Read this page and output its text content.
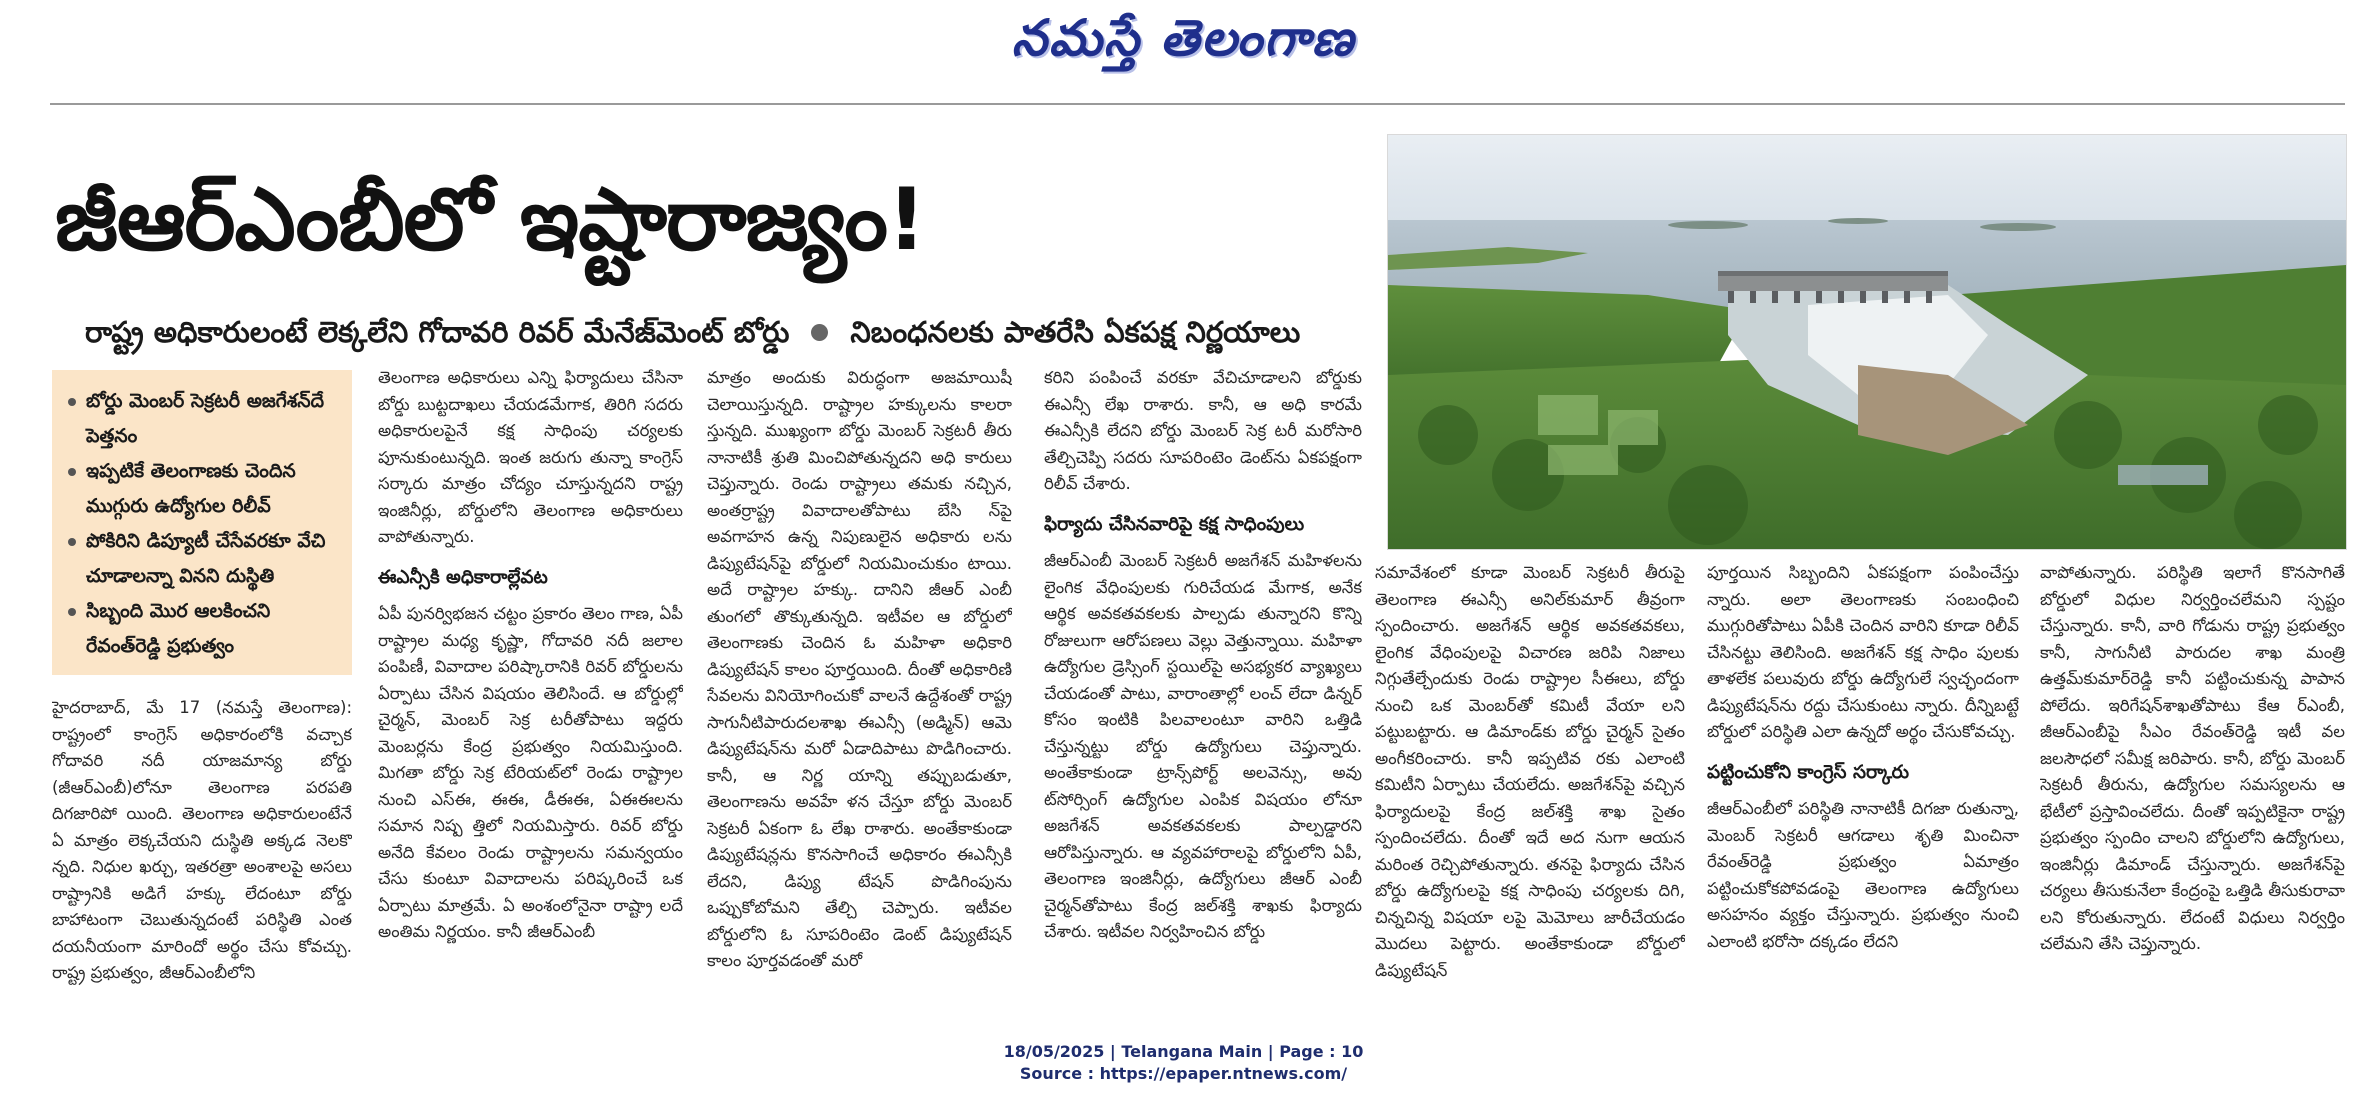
నమస్తే తెలంగాణ
జీఆర్‌ఎంబీలో ఇష్టారాజ్యం!
రాష్ట్ర అధికారులంటే లెక్కలేని గోదావరి రివర్ మేనేజ్‌మెంట్ బోర్డు నిబంధనలకు పాతరేసి ఏకపక్ష నిర్ణయాలు
బోర్డు మెంబర్ సెక్రటరీ అజగేశన్‌దే పెత్తనం
ఇప్పటికే తెలంగాణకు చెందిన ముగ్గురు ఉద్యోగుల రిలీవ్
పోకిరిని డిప్యూటీ చేసేవరకూ వేచి చూడాలన్నా వినని దుస్థితి
సిబ్బంది మొర ఆలకించని రేవంత్‌రెడ్డి ప్రభుత్వం

హైదరాబాద్, మే 17 (నమస్తే తెలంగాణ): రాష్ట్రంలో కాంగ్రెస్ అధికారంలోకి వచ్చాక గోదావరి నదీ యాజమాన్య బోర్డు (జీఆర్‌ఎంబీ)లోనూ తెలంగాణ పరపతి దిగజారిపో యింది. తెలంగాణ అధికారులంటేనే ఏ మాత్రం లెక్కచేయని దుస్థితి అక్కడ నెలకొ న్నది. నిధుల ఖర్చు, ఇతరత్రా అంశాలపై అసలు రాష్ట్రానికి అడిగే హక్కు లేదంటూ బోర్డు బాహాటంగా చెబుతున్నదంటే పరిస్థితి ఎంత దయనీయంగా మారిందో అర్థం చేసు కోవచ్చు. రాష్ట్ర ప్రభుత్వం, జీఆర్‌ఎంబీలోని

తెలంగాణ అధికారులు ఎన్ని ఫిర్యాదులు చేసినా బోర్డు బుట్టదాఖలు చేయడమేగాక, తిరిగి సదరు అధికారులపైనే కక్ష సాధింపు చర్యలకు పూనుకుంటున్నది. ఇంత జరుగు తున్నా కాంగ్రెస్ సర్కారు మాత్రం చోద్యం చూస్తున్నదని రాష్ట్ర ఇంజినీర్లు, బోర్డులోని తెలంగాణ అధికారులు వాపోతున్నారు.

ఈఎన్సీకి అధికారాల్లేవట

ఏపీ పునర్విభజన చట్టం ప్రకారం తెలం గాణ, ఏపీ రాష్ట్రాల మధ్య కృష్ణా, గోదావరి నదీ జలాల పంపిణీ, వివాదాల పరిష్కారానికి రివర్ బోర్డులను ఏర్పాటు చేసిన విషయం తెలిసిందే. ఆ బోర్డుల్లో చైర్మన్, మెంబర్ సెక్ర టరీతోపాటు ఇద్దరు మెంబర్లను కేంద్ర ప్రభుత్వం నియమిస్తుంది. మిగతా బోర్డు సెక్ర టేరియట్‌లో రెండు రాష్ట్రాల నుంచి ఎస్‌ఈ, ఈఈ, డీఈఈ, ఏఈఈలను సమాన నిష్ప త్తిలో నియమిస్తారు. రివర్ బోర్డు అనేది కేవలం రెండు రాష్ట్రాలను సమన్వయం చేసు కుంటూ వివాదాలను పరిష్కరించే ఒక ఏర్పాటు మాత్రమే. ఏ అంశంలోనైనా రాష్ట్రా లదే అంతిమ నిర్ణయం. కానీ జీఆర్‌ఎంబీ

మాత్రం అందుకు విరుద్ధంగా అజమాయిషీ చెలాయిస్తున్నది. రాష్ట్రాల హక్కులను కాలరా స్తున్నది. ముఖ్యంగా బోర్డు మెంబర్ సెక్రటరీ తీరు నానాటికీ శ్రుతి మించిపోతున్నదని అధి కారులు చెప్తున్నారు. రెండు రాష్ట్రాలు తమకు నచ్చిన, అంతర్రాష్ట్ర వివాదాలతోపాటు బేసి న్‌పై అవగాహన ఉన్న నిపుణులైన అధికారు లను డిప్యుటేషన్‌పై బోర్డులో నియమించుకుం టాయి. అదే రాష్ట్రాల హక్కు. దానిని జీఆర్ ఎంబీ తుంగలో తొక్కుతున్నది. ఇటీవల ఆ బోర్డులో తెలంగాణకు చెందిన ఓ మహిళా అధికారి డిప్యుటేషన్ కాలం పూర్తయింది. దీంతో అధికారిణి సేవలను వినియోగించుకో వాలనే ఉద్దేశంతో రాష్ట్ర సాగునీటిపారుదలశాఖ ఈఎన్సీ (అడ్మిన్) ఆమె డిప్యుటేషన్‌ను మరో ఏడాదిపాటు పొడిగించారు. కానీ, ఆ నిర్ణ యాన్ని తప్పుబడుతూ, తెలంగాణను అవహే ళన చేస్తూ బోర్డు మెంబర్ సెక్రటరీ ఏకంగా ఓ లేఖ రాశారు. అంతేకాకుండా డిప్యుటేషన్లను కొనసాగించే అధికారం ఈఎన్సీకి లేదని, డిప్యు టేషన్ పొడిగింపును ఒప్పుకోబోమని తేల్చి చెప్పారు. ఇటీవల బోర్డులోని ఓ సూపరింటెం డెంట్ డిప్యుటేషన్ కాలం పూర్తవడంతో మరో

కరిని పంపించే వరకూ వేచిచూడాలని బోర్డుకు ఈఎన్సీ లేఖ రాశారు. కానీ, ఆ అధి కారమే ఈఎన్సీకి లేదని బోర్డు మెంబర్ సెక్ర టరీ మరోసారి తేల్చిచెప్పి సదరు సూపరింటెం డెంట్‌ను ఏకపక్షంగా రిలీవ్ చేశారు.

ఫిర్యాదు చేసినవారిపై కక్ష సాధింపులు

జీఆర్‌ఎంబీ మెంబర్ సెక్రటరీ అజగేశన్ మహిళలను లైంగిక వేధింపులకు గురిచేయడ మేగాక, అనేక ఆర్థిక అవకతవకలకు పాల్పడు తున్నారని కొన్ని రోజులుగా ఆరోపణలు వెల్లు వెత్తున్నాయి. మహిళా ఉద్యోగుల డ్రెస్సింగ్ స్టయిల్‌పై అసభ్యకర వ్యాఖ్యలు చేయడంతో పాటు, వారాంతాల్లో లంచ్ లేదా డిన్నర్ కోసం ఇంటికి పిలవాలంటూ వారిని ఒత్తిడి చేస్తున్నట్టు బోర్డు ఉద్యోగులు చెప్తున్నారు. అంతేకాకుండా ట్రాన్స్‌పోర్ట్ అలవెన్సు, అవు ట్‌సోర్సింగ్ ఉద్యోగుల ఎంపిక విషయం లోనూ అజగేశన్ అవకతవకలకు పాల్పడ్డారని ఆరోపిస్తున్నారు. ఆ వ్యవహారాలపై బోర్డులోని ఏపీ, తెలంగాణ ఇంజినీర్లు, ఉద్యోగులు జీఆర్ ఎంబీ చైర్మన్‌తోపాటు కేంద్ర జల్‌శక్తి శాఖకు ఫిర్యాదు చేశారు. ఇటీవల నిర్వహించిన బోర్డు

సమావేశంలో కూడా మెంబర్ సెక్రటరీ తీరుపై తెలంగాణ ఈఎన్సీ అనిల్‌కుమార్ తీవ్రంగా స్పందించారు. అజగేశన్ ఆర్థిక అవకతవకలు, లైంగిక వేధింపులపై విచారణ జరిపి నిజాలు నిగ్గుతేల్చేందుకు రెండు రాష్ట్రాల సీఈలు, బోర్డు నుంచి ఒక మెంబర్‌తో కమిటీ వేయా లని పట్టుబట్టారు. ఆ డిమాండ్‌కు బోర్డు చైర్మన్ సైతం అంగీకరించారు. కానీ ఇప్పటివ రకు ఎలాంటి కమిటీని ఏర్పాటు చేయలేదు. అజగేశన్‌పై వచ్చిన ఫిర్యాదులపై కేంద్ర జల్‌శక్తి శాఖ సైతం స్పందించలేదు. దీంతో ఇదే అద నుగా ఆయన మరింత రెచ్చిపోతున్నారు. తనపై ఫిర్యాదు చేసిన బోర్డు ఉద్యోగులపై కక్ష సాధింపు చర్యలకు దిగి, చిన్నచిన్న విషయా లపై మెమోలు జారీచేయడం మొదలు పెట్టారు. అంతేకాకుండా బోర్డులో డిప్యుటేషన్

పూర్తయిన సిబ్బందిని ఏకపక్షంగా పంపించేస్తు న్నారు. అలా తెలంగాణకు సంబంధించి ముగ్గురితోపాటు ఏపీకి చెందిన వారిని కూడా రిలీవ్ చేసినట్టు తెలిసింది. అజగేశన్ కక్ష సాధిం పులకు తాళలేక పలువురు బోర్డు ఉద్యోగులే స్వచ్ఛందంగా డిప్యుటేషన్‌ను రద్దు చేసుకుంటు న్నారు. దీన్నిబట్టే బోర్డులో పరిస్థితి ఎలా ఉన్నదో అర్థం చేసుకోవచ్చు.

పట్టించుకోని కాంగ్రెస్ సర్కారు

జీఆర్‌ఎంబీలో పరిస్థితి నానాటికీ దిగజా రుతున్నా, మెంబర్ సెక్రటరీ ఆగడాలు శృతి మించినా రేవంత్‌రెడ్డి ప్రభుత్వం ఏమాత్రం పట్టించుకోకపోవడంపై తెలంగాణ ఉద్యోగులు అసహనం వ్యక్తం చేస్తున్నారు. ప్రభుత్వం నుంచి ఎలాంటి భరోసా దక్కడం లేదని

వాపోతున్నారు. పరిస్థితి ఇలాగే కొనసాగితే బోర్డులో విధుల నిర్వర్తించలేమని స్పష్టం చేస్తున్నారు. కానీ, వారి గోడును రాష్ట్ర ప్రభుత్వం కానీ, సాగునీటి పారుదల శాఖ మంత్రి ఉత్తమ్‌కుమార్‌రెడ్డి కానీ పట్టించుకున్న పాపాన పోలేదు. ఇరిగేషన్‌శాఖతోపాటు కేఆ ర్ఎంబీ, జీఆర్ఎంబీపై సీఎం రేవంత్‌రెడ్డి ఇటీ వల జలసౌధలో సమీక్ష జరిపారు. కానీ, బోర్డు మెంబర్ సెక్రటరీ తీరును, ఉద్యోగుల సమస్యలను ఆ భేటీలో ప్రస్తావించలేదు. దీంతో ఇప్పటికైనా రాష్ట్ర ప్రభుత్వం స్పందిం చాలని బోర్డులోని ఉద్యోగులు, ఇంజినీర్లు డిమాండ్ చేస్తున్నారు. అజగేశన్‌పై చర్యలు తీసుకునేలా కేంద్రంపై ఒత్తిడి తీసుకురావా లని కోరుతున్నారు. లేదంటే విధులు నిర్వర్తిం చలేమని తేసి చెప్తున్నారు.

18/05/2025 | Telangana Main | Page : 10
Source : https://epaper.ntnews.com/
